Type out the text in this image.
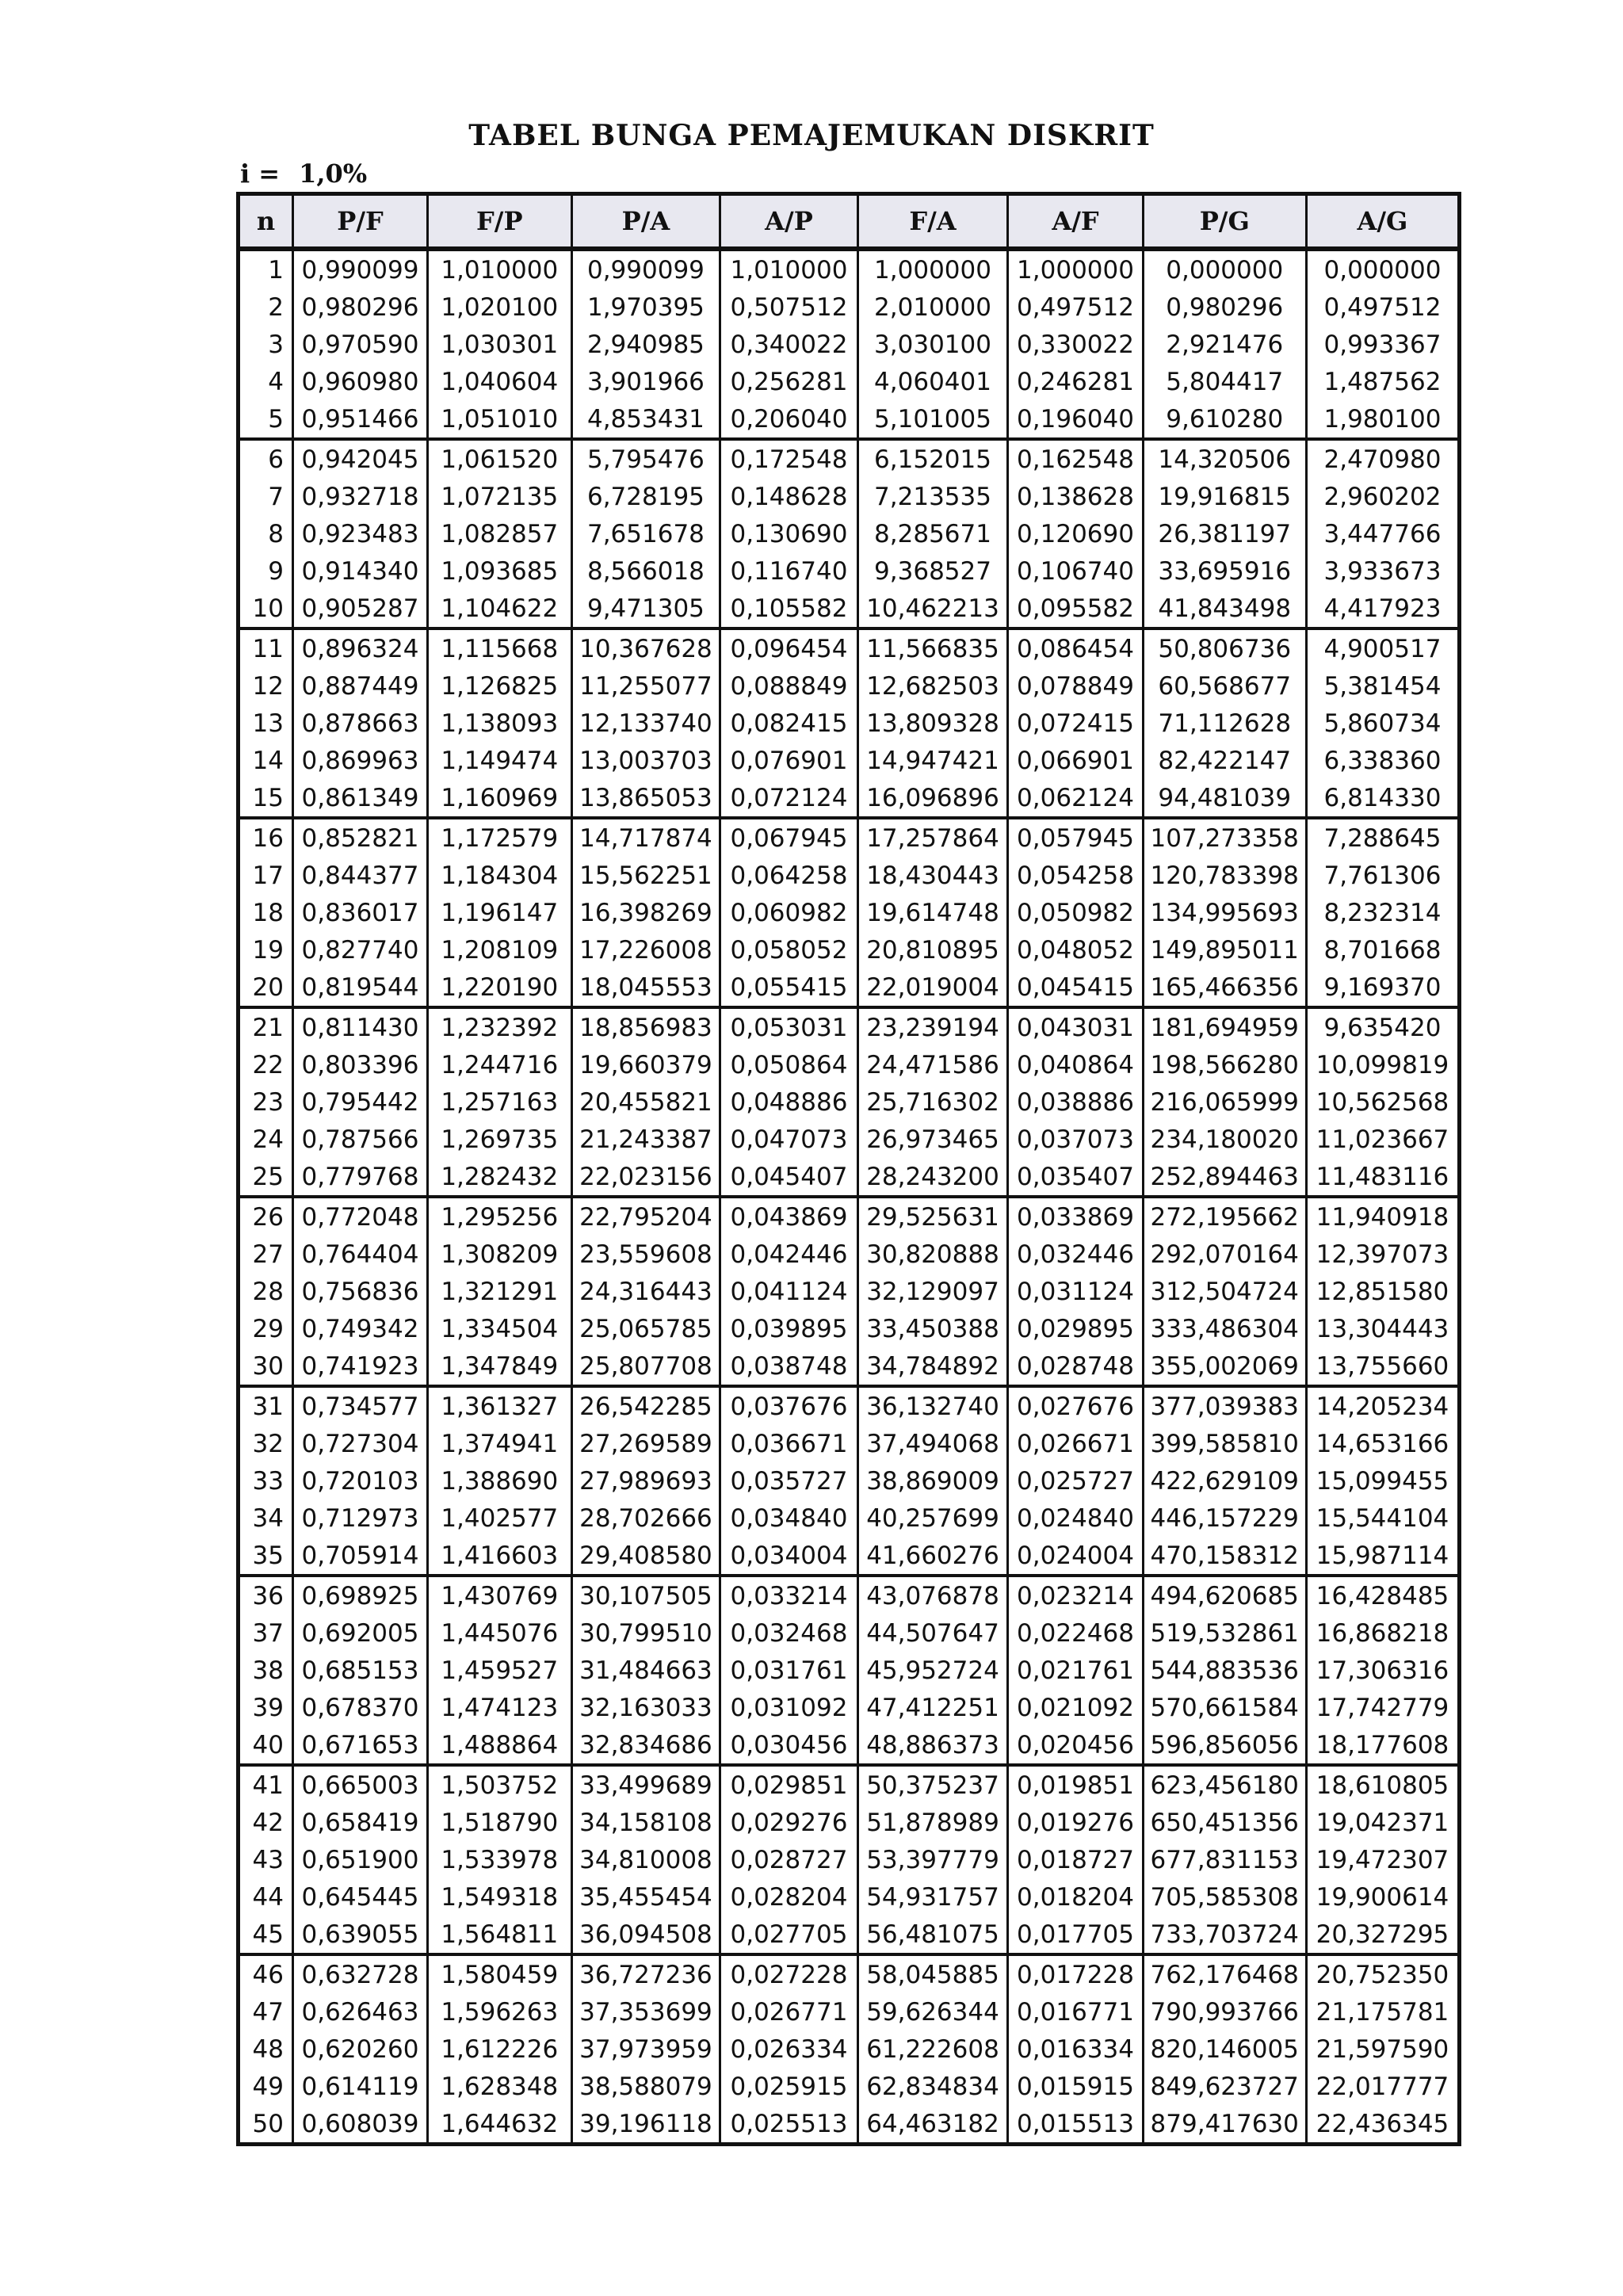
TABEL BUNGA PEMAJEMUKAN DISKRIT
i = 1,0%
n	P/F	F/P	P/A	A/P	F/A	A/F	P/G	A/G
1	0,990099	1,010000	0,990099	1,010000	1,000000	1,000000	0,000000	0,000000
2	0,980296	1,020100	1,970395	0,507512	2,010000	0,497512	0,980296	0,497512
3	0,970590	1,030301	2,940985	0,340022	3,030100	0,330022	2,921476	0,993367
4	0,960980	1,040604	3,901966	0,256281	4,060401	0,246281	5,804417	1,487562
5	0,951466	1,051010	4,853431	0,206040	5,101005	0,196040	9,610280	1,980100
6	0,942045	1,061520	5,795476	0,172548	6,152015	0,162548	14,320506	2,470980
7	0,932718	1,072135	6,728195	0,148628	7,213535	0,138628	19,916815	2,960202
8	0,923483	1,082857	7,651678	0,130690	8,285671	0,120690	26,381197	3,447766
9	0,914340	1,093685	8,566018	0,116740	9,368527	0,106740	33,695916	3,933673
10	0,905287	1,104622	9,471305	0,105582	10,462213	0,095582	41,843498	4,417923
11	0,896324	1,115668	10,367628	0,096454	11,566835	0,086454	50,806736	4,900517
12	0,887449	1,126825	11,255077	0,088849	12,682503	0,078849	60,568677	5,381454
13	0,878663	1,138093	12,133740	0,082415	13,809328	0,072415	71,112628	5,860734
14	0,869963	1,149474	13,003703	0,076901	14,947421	0,066901	82,422147	6,338360
15	0,861349	1,160969	13,865053	0,072124	16,096896	0,062124	94,481039	6,814330
16	0,852821	1,172579	14,717874	0,067945	17,257864	0,057945	107,273358	7,288645
17	0,844377	1,184304	15,562251	0,064258	18,430443	0,054258	120,783398	7,761306
18	0,836017	1,196147	16,398269	0,060982	19,614748	0,050982	134,995693	8,232314
19	0,827740	1,208109	17,226008	0,058052	20,810895	0,048052	149,895011	8,701668
20	0,819544	1,220190	18,045553	0,055415	22,019004	0,045415	165,466356	9,169370
21	0,811430	1,232392	18,856983	0,053031	23,239194	0,043031	181,694959	9,635420
22	0,803396	1,244716	19,660379	0,050864	24,471586	0,040864	198,566280	10,099819
23	0,795442	1,257163	20,455821	0,048886	25,716302	0,038886	216,065999	10,562568
24	0,787566	1,269735	21,243387	0,047073	26,973465	0,037073	234,180020	11,023667
25	0,779768	1,282432	22,023156	0,045407	28,243200	0,035407	252,894463	11,483116
26	0,772048	1,295256	22,795204	0,043869	29,525631	0,033869	272,195662	11,940918
27	0,764404	1,308209	23,559608	0,042446	30,820888	0,032446	292,070164	12,397073
28	0,756836	1,321291	24,316443	0,041124	32,129097	0,031124	312,504724	12,851580
29	0,749342	1,334504	25,065785	0,039895	33,450388	0,029895	333,486304	13,304443
30	0,741923	1,347849	25,807708	0,038748	34,784892	0,028748	355,002069	13,755660
31	0,734577	1,361327	26,542285	0,037676	36,132740	0,027676	377,039383	14,205234
32	0,727304	1,374941	27,269589	0,036671	37,494068	0,026671	399,585810	14,653166
33	0,720103	1,388690	27,989693	0,035727	38,869009	0,025727	422,629109	15,099455
34	0,712973	1,402577	28,702666	0,034840	40,257699	0,024840	446,157229	15,544104
35	0,705914	1,416603	29,408580	0,034004	41,660276	0,024004	470,158312	15,987114
36	0,698925	1,430769	30,107505	0,033214	43,076878	0,023214	494,620685	16,428485
37	0,692005	1,445076	30,799510	0,032468	44,507647	0,022468	519,532861	16,868218
38	0,685153	1,459527	31,484663	0,031761	45,952724	0,021761	544,883536	17,306316
39	0,678370	1,474123	32,163033	0,031092	47,412251	0,021092	570,661584	17,742779
40	0,671653	1,488864	32,834686	0,030456	48,886373	0,020456	596,856056	18,177608
41	0,665003	1,503752	33,499689	0,029851	50,375237	0,019851	623,456180	18,610805
42	0,658419	1,518790	34,158108	0,029276	51,878989	0,019276	650,451356	19,042371
43	0,651900	1,533978	34,810008	0,028727	53,397779	0,018727	677,831153	19,472307
44	0,645445	1,549318	35,455454	0,028204	54,931757	0,018204	705,585308	19,900614
45	0,639055	1,564811	36,094508	0,027705	56,481075	0,017705	733,703724	20,327295
46	0,632728	1,580459	36,727236	0,027228	58,045885	0,017228	762,176468	20,752350
47	0,626463	1,596263	37,353699	0,026771	59,626344	0,016771	790,993766	21,175781
48	0,620260	1,612226	37,973959	0,026334	61,222608	0,016334	820,146005	21,597590
49	0,614119	1,628348	38,588079	0,025915	62,834834	0,015915	849,623727	22,017777
50	0,608039	1,644632	39,196118	0,025513	64,463182	0,015513	879,417630	22,436345
